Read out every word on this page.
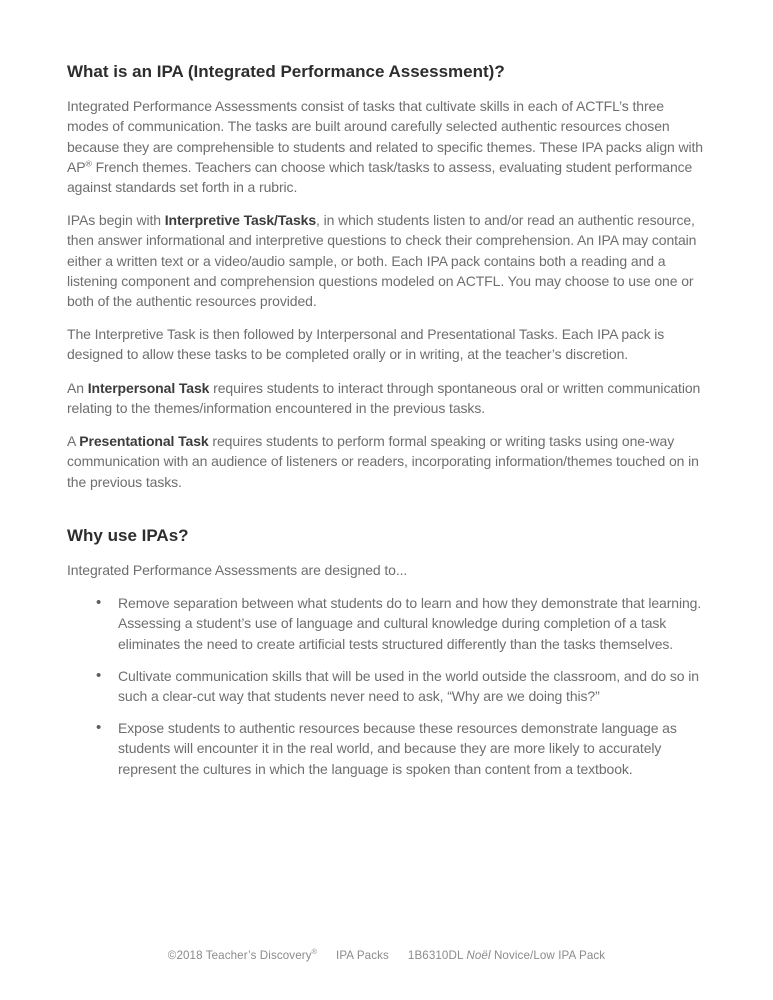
What is an IPA (Integrated Performance Assessment)?

Integrated Performance Assessments consist of tasks that cultivate skills in each of ACTFL’s three modes of communication. The tasks are built around carefully selected authentic resources chosen because they are comprehensible to students and related to specific themes. These IPA packs align with AP® French themes. Teachers can choose which task/tasks to assess, evaluating student performance against standards set forth in a rubric.

IPAs begin with Interpretive Task/Tasks, in which students listen to and/or read an authentic resource, then answer informational and interpretive questions to check their comprehension. An IPA may contain either a written text or a video/audio sample, or both. Each IPA pack contains both a reading and a listening component and comprehension questions modeled on ACTFL. You may choose to use one or both of the authentic resources provided.

The Interpretive Task is then followed by Interpersonal and Presentational Tasks. Each IPA pack is designed to allow these tasks to be completed orally or in writing, at the teacher’s discretion.

An Interpersonal Task requires students to interact through spontaneous oral or written communication relating to the themes/information encountered in the previous tasks.

A Presentational Task requires students to perform formal speaking or writing tasks using one-way communication with an audience of listeners or readers, incorporating information/themes touched on in the previous tasks.

Why use IPAs?

Integrated Performance Assessments are designed to...

• Remove separation between what students do to learn and how they demonstrate that learning. Assessing a student’s use of language and cultural knowledge during completion of a task eliminates the need to create artificial tests structured differently than the tasks themselves.
• Cultivate communication skills that will be used in the world outside the classroom, and do so in such a clear-cut way that students never need to ask, “Why are we doing this?”
• Expose students to authentic resources because these resources demonstrate language as students will encounter it in the real world, and because they are more likely to accurately represent the cultures in which the language is spoken than content from a textbook.
©2018 Teacher’s Discovery® IPA Packs 1B6310DL Noël Novice/Low IPA Pack
